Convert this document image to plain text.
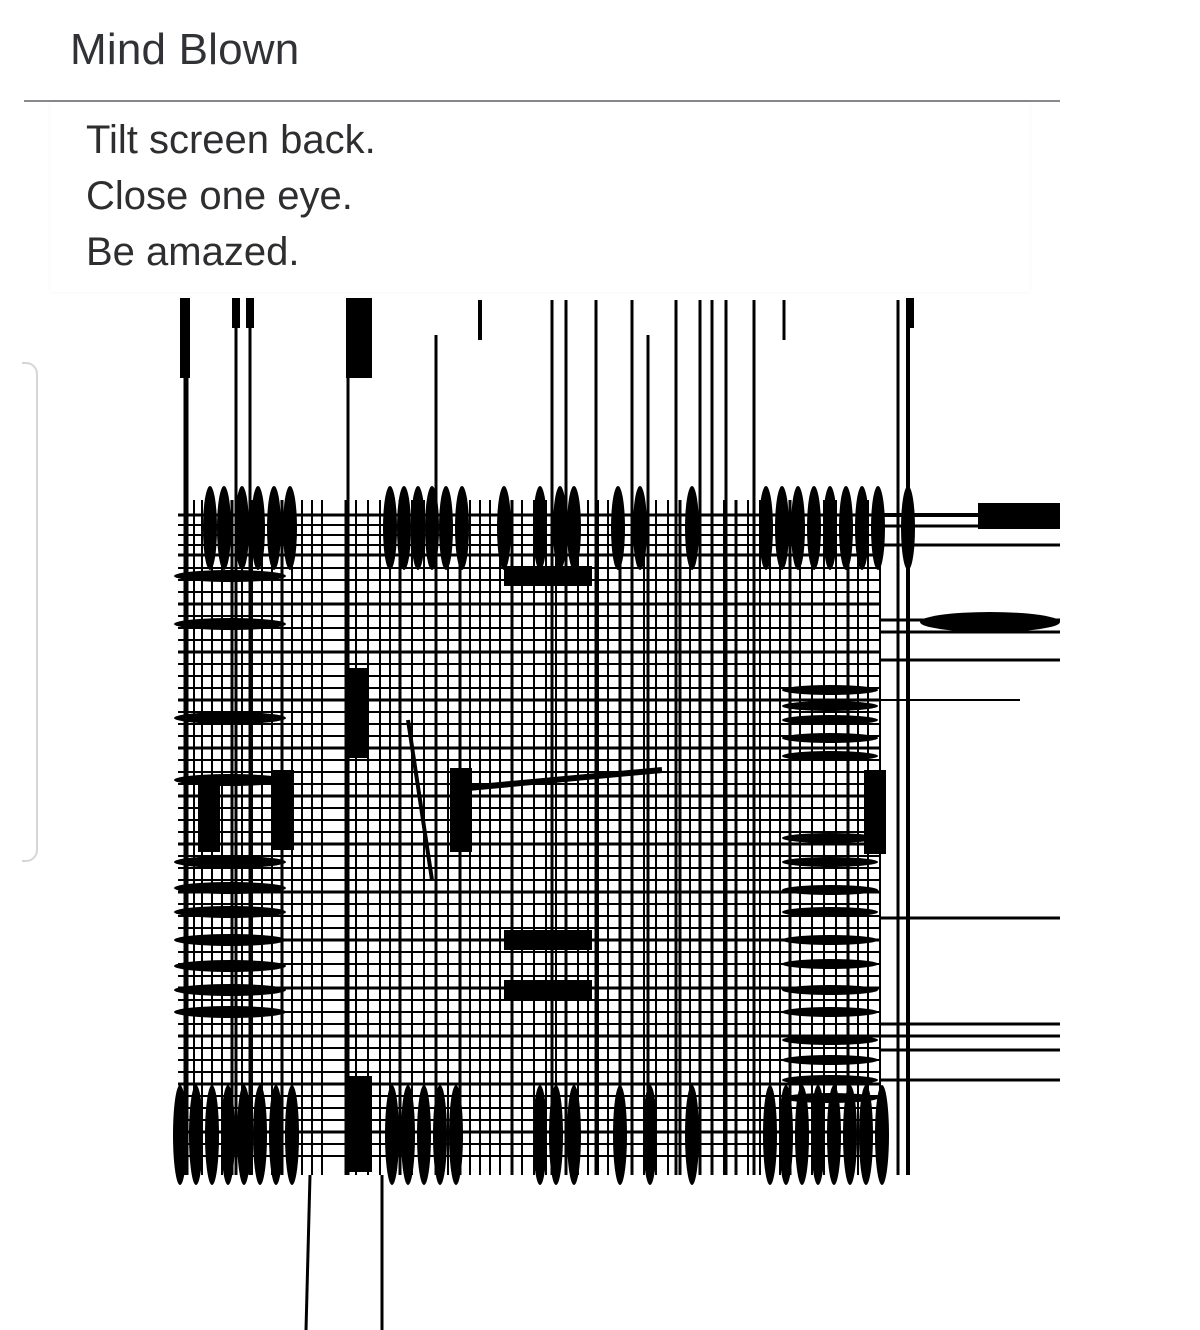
Mind Blown
Tilt screen back.
Close one eye.
Be amazed.
